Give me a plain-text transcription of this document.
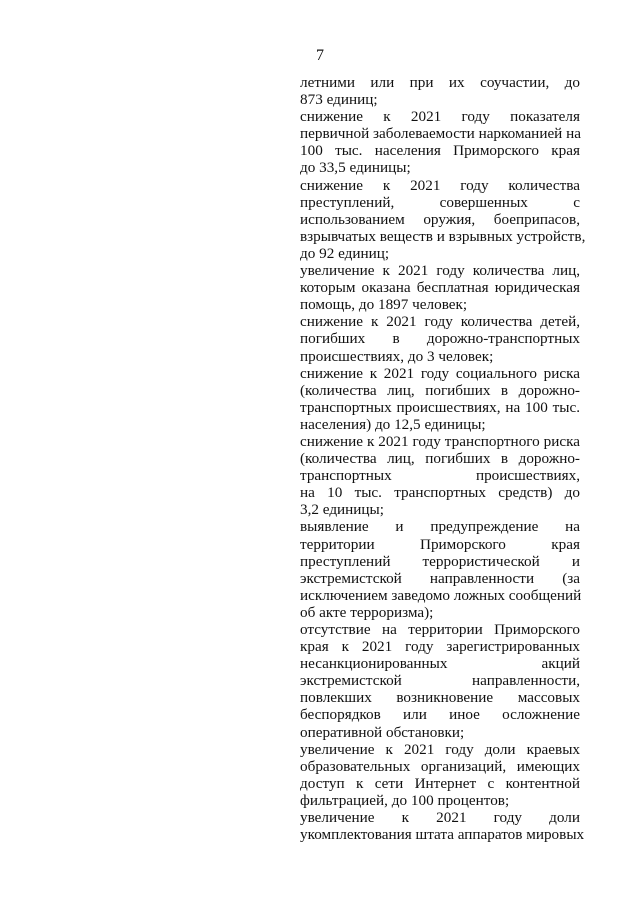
7
летними или при их соучастии, до
873 единиц;
снижение к 2021 году показателя
первичной заболеваемости наркоманией на
100 тыс. населения Приморского края
до 33,5 единицы;
снижение к 2021 году количества
преступлений, совершенных с
использованием оружия, боеприпасов,
взрывчатых веществ и взрывных устройств,
до 92 единиц;
увеличение к 2021 году количества лиц,
которым оказана бесплатная юридическая
помощь, до 1897 человек;
снижение к 2021 году количества детей,
погибших в дорожно-транспортных
происшествиях, до 3 человек;
снижение к 2021 году социального риска
(количества лиц, погибших в дорожно-
транспортных происшествиях, на 100 тыс.
населения) до 12,5 единицы;
снижение к 2021 году транспортного риска
(количества лиц, погибших в дорожно-
транспортных происшествиях,
на 10 тыс. транспортных средств) до
3,2 единицы;
выявление и предупреждение на
территории Приморского края
преступлений террористической и
экстремистской направленности (за
исключением заведомо ложных сообщений
об акте терроризма);
отсутствие на территории Приморского
края к 2021 году зарегистрированных
несанкционированных акций
экстремистской направленности,
повлекших возникновение массовых
беспорядков или иное осложнение
оперативной обстановки;
увеличение к 2021 году доли краевых
образовательных организаций, имеющих
доступ к сети Интернет с контентной
фильтрацией, до 100 процентов;
увеличение к 2021 году доли
укомплектования штата аппаратов мировых
